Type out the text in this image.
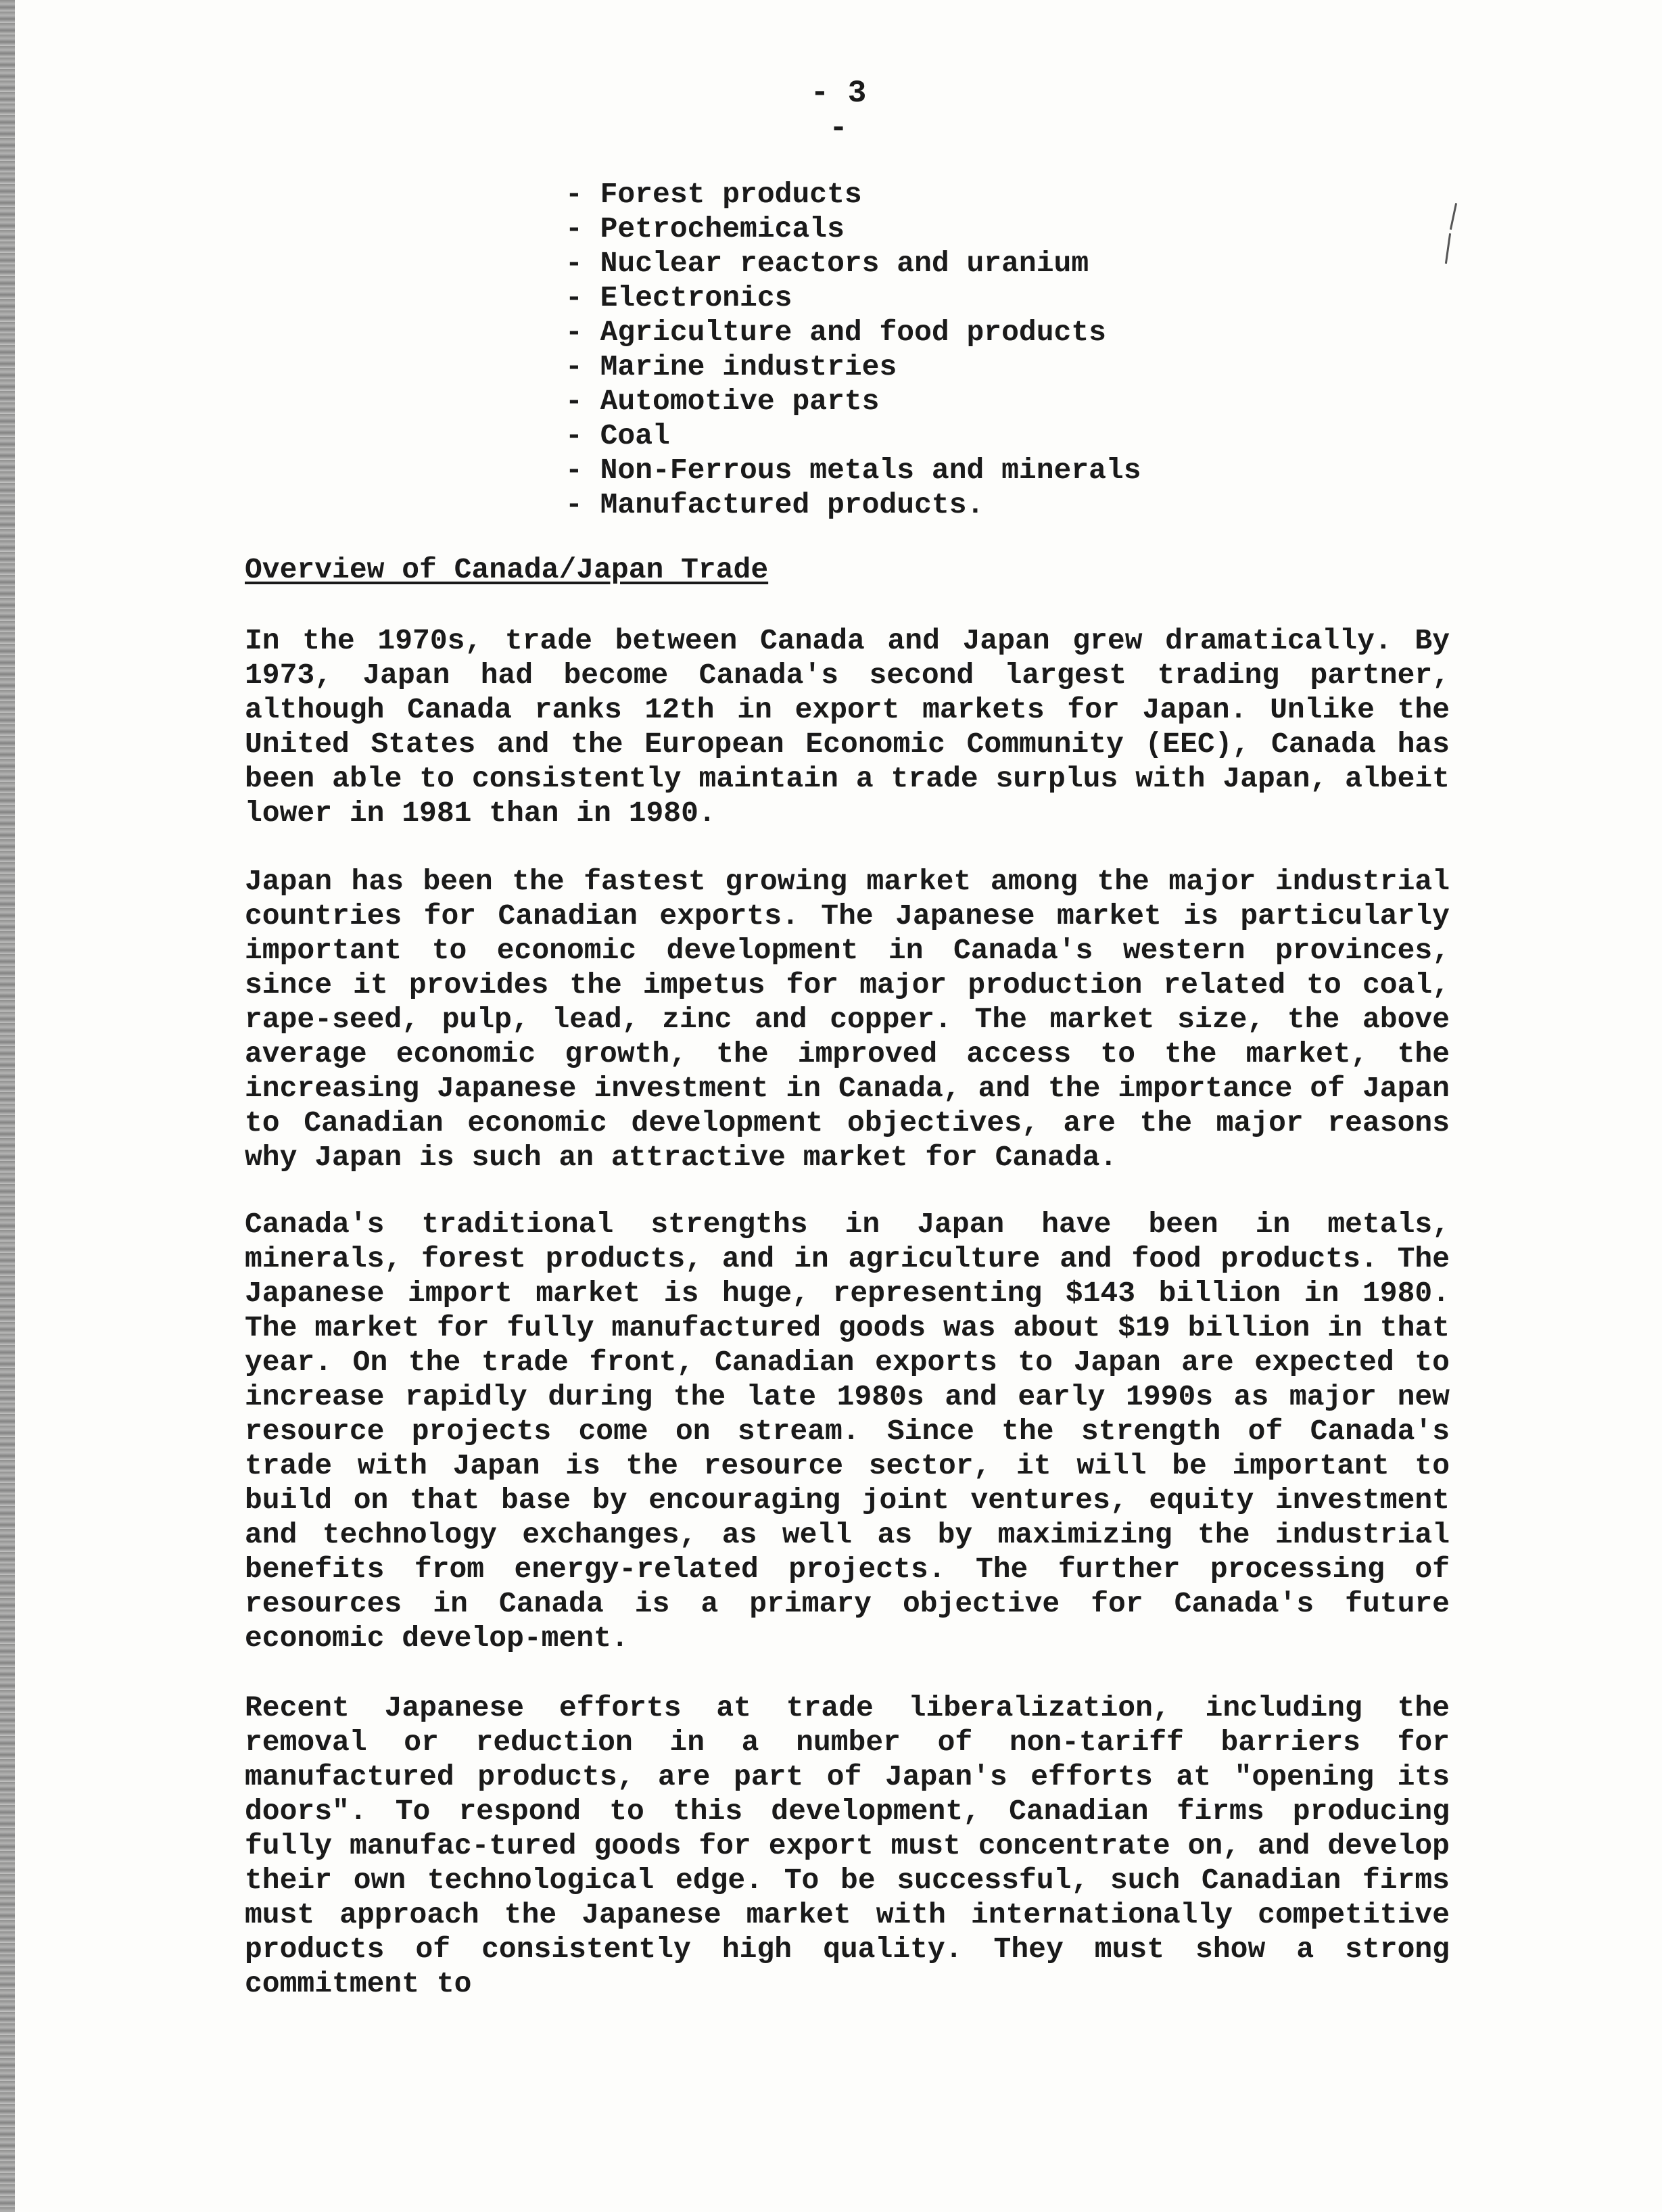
- 3 -
- Forest products
- Petrochemicals
- Nuclear reactors and uranium
- Electronics
- Agriculture and food products
- Marine industries
- Automotive parts
- Coal
- Non-Ferrous metals and minerals
- Manufactured products.
Overview of Canada/Japan Trade

In the 1970s, trade between Canada and Japan grew dramatically. By 1973, Japan had become Canada's second largest trading partner, although Canada ranks 12th in export markets for Japan. Unlike the United States and the European Economic Community (EEC), Canada has been able to consistently maintain a trade surplus with Japan, albeit lower in 1981 than in 1980.

Japan has been the fastest growing market among the major industrial countries for Canadian exports. The Japanese market is particularly important to economic development in Canada's western provinces, since it provides the impetus for major production related to coal, rape-seed, pulp, lead, zinc and copper. The market size, the above average economic growth, the improved access to the market, the increasing Japanese investment in Canada, and the importance of Japan to Canadian economic development objectives, are the major reasons why Japan is such an attractive market for Canada.

Canada's traditional strengths in Japan have been in metals, minerals, forest products, and in agriculture and food products. The Japanese import market is huge, representing $143 billion in 1980. The market for fully manufactured goods was about $19 billion in that year. On the trade front, Canadian exports to Japan are expected to increase rapidly during the late 1980s and early 1990s as major new resource projects come on stream. Since the strength of Canada's trade with Japan is the resource sector, it will be important to build on that base by encouraging joint ventures, equity investment and technology exchanges, as well as by maximizing the industrial benefits from energy-related projects. The further processing of resources in Canada is a primary objective for Canada's future economic develop-ment.

Recent Japanese efforts at trade liberalization, including the removal or reduction in a number of non-tariff barriers for manufactured products, are part of Japan's efforts at "opening its doors". To respond to this development, Canadian firms producing fully manufac-tured goods for export must concentrate on, and develop their own technological edge. To be successful, such Canadian firms must approach the Japanese market with internationally competitive products of consistently high quality. They must show a strong commitment to
